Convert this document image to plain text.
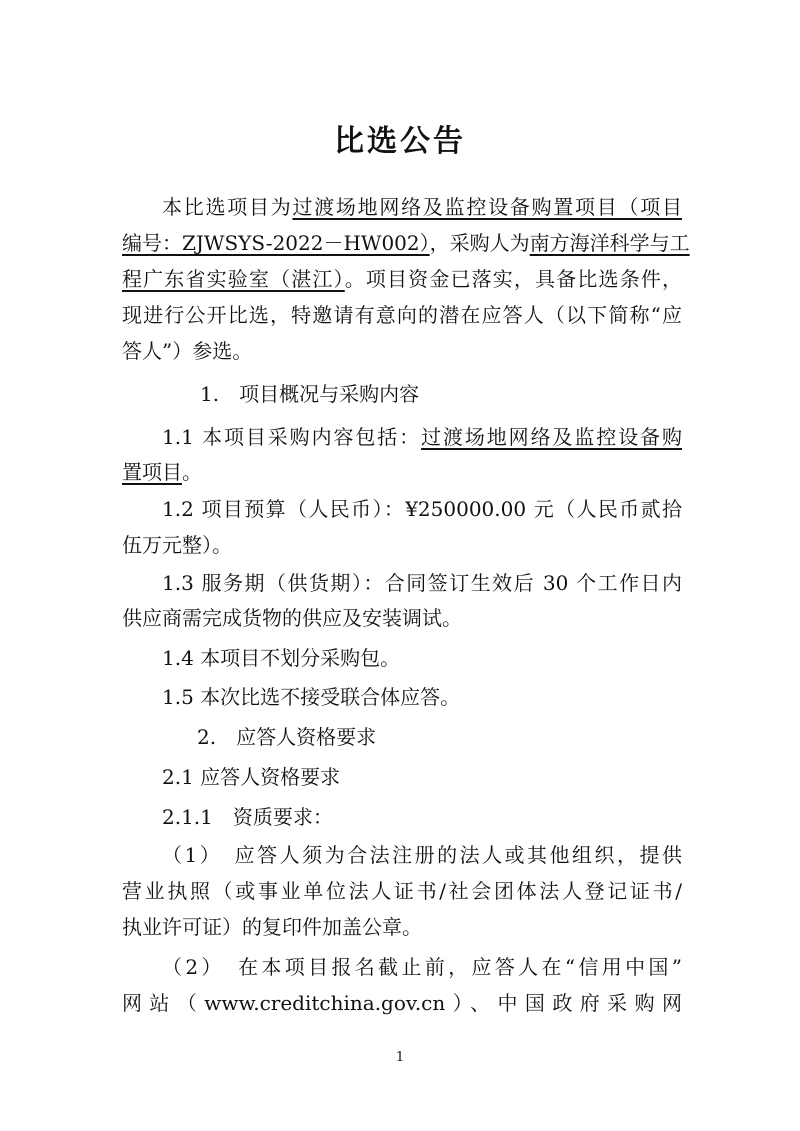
比选公告
本比选项目为过渡场地网络及监控设备购置项目（项目
编号：ZJWSYS-2022－HW002），采购人为南方海洋科学与工
程广东省实验室（湛江）。项目资金已落实，具备比选条件，
现进行公开比选，特邀请有意向的潜在应答人（以下简称“应
答人”）参选。
1.　项目概况与采购内容
1.1 本项目采购内容包括：过渡场地网络及监控设备购
置项目。
1.2 项目预算（人民币）：¥250000.00 元（人民币贰拾
伍万元整）。
1.3 服务期（供货期）：合同签订生效后 30 个工作日内
供应商需完成货物的供应及安装调试。
1.4 本项目不划分采购包。
1.5 本次比选不接受联合体应答。
2.　应答人资格要求
2.1 应答人资格要求
2.1.1　资质要求：
（1）　应答人须为合法注册的法人或其他组织，提供
营业执照（或事业单位法人证书/社会团体法人登记证书/
执业许可证）的复印件加盖公章。
（2）　在本项目报名截止前，应答人在“信用中国”
网站（www.creditchina.gov.cn）、中国政府采购网
1
